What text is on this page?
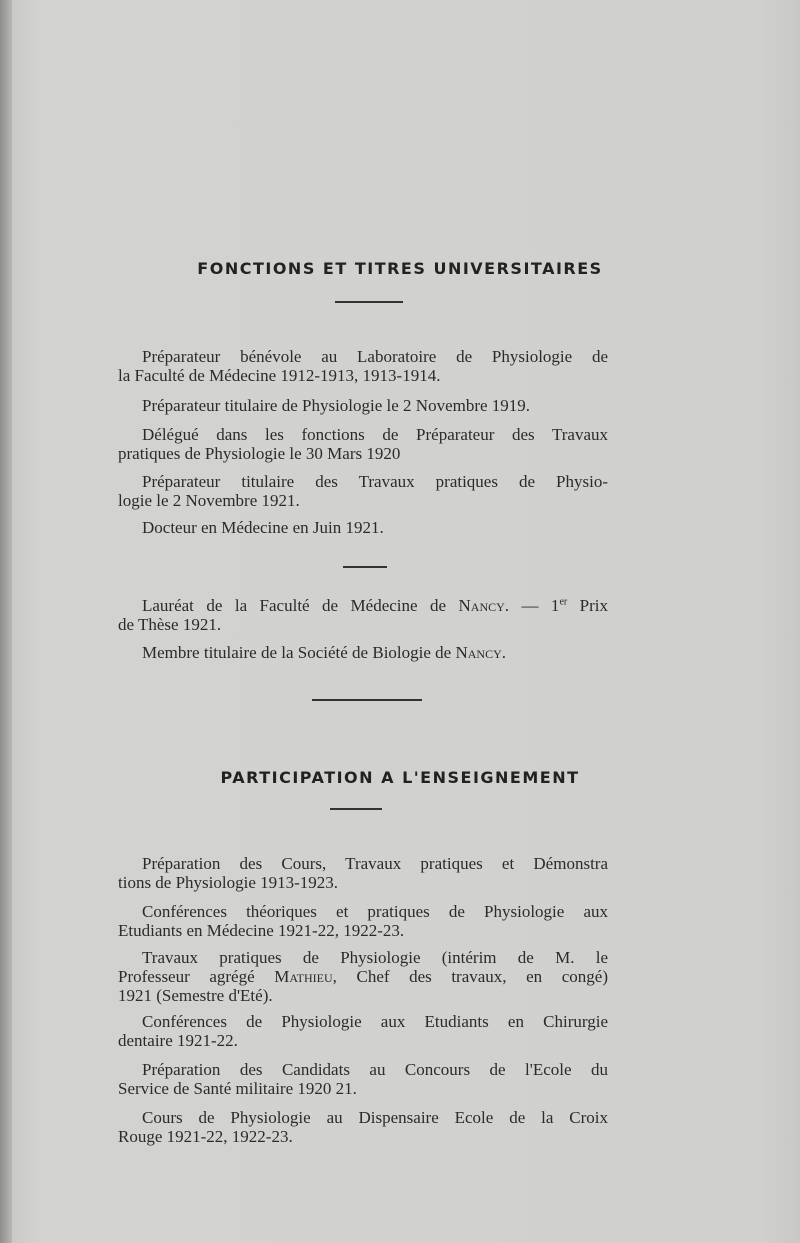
FONCTIONS ET TITRES UNIVERSITAIRES
Préparateur bénévole au Laboratoire de Physiologie de
la Faculté de Médecine 1912-1913, 1913-1914.
Préparateur titulaire de Physiologie le 2 Novembre 1919.
Délégué dans les fonctions de Préparateur des Travaux
pratiques de Physiologie le 30 Mars 1920
Préparateur titulaire des Travaux pratiques de Physio-
logie le 2 Novembre 1921.
Docteur en Médecine en Juin 1921.
Lauréat de la Faculté de Médecine de Nancy. — 1er Prix
de Thèse 1921.
Membre titulaire de la Société de Biologie de Nancy.
PARTICIPATION A L'ENSEIGNEMENT
Préparation des Cours, Travaux pratiques et Démonstra
tions de Physiologie 1913-1923.
Conférences théoriques et pratiques de Physiologie aux
Etudiants en Médecine 1921-22, 1922-23.
Travaux pratiques de Physiologie (intérim de M. le
Professeur agrégé Mathieu, Chef des travaux, en congé)
1921 (Semestre d'Eté).
Conférences de Physiologie aux Etudiants en Chirurgie
dentaire 1921-22.
Préparation des Candidats au Concours de l'Ecole du
Service de Santé militaire 1920 21.
Cours de Physiologie au Dispensaire Ecole de la Croix
Rouge 1921-22, 1922-23.
